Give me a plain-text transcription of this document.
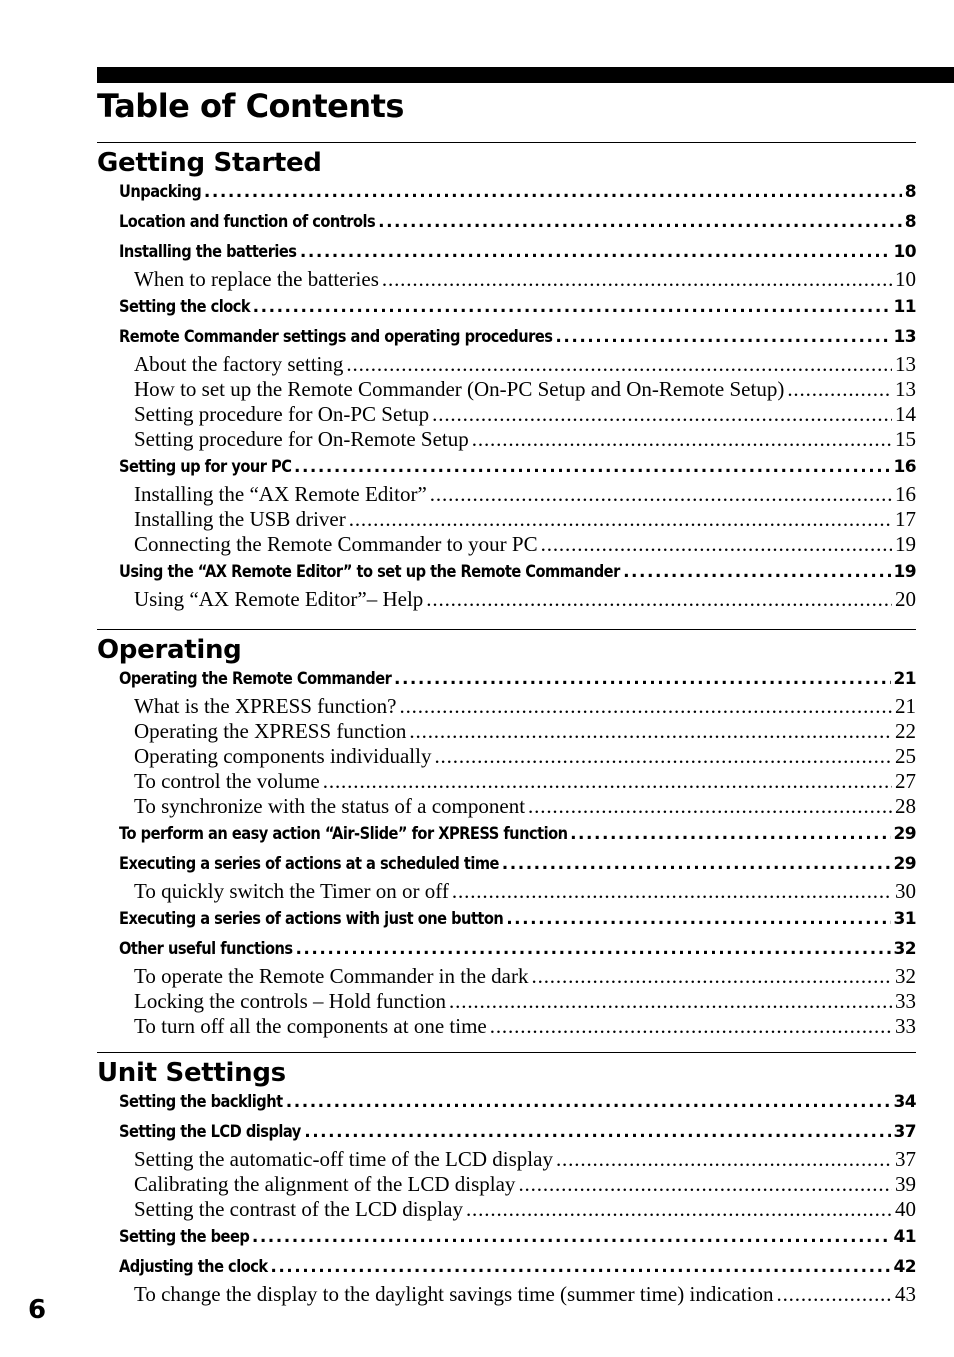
Table of Contents
Getting Started
Unpacking . . .	8
Location and function of controls . . .	8
Installing the batteries . . .	10
When to replace the batteries . . .	10
Setting the clock . . .	11
Remote Commander settings and operating procedures . . .	13
About the factory setting . . .	13
How to set up the Remote Commander (On-PC Setup and On-Remote Setup) . . .	13
Setting procedure for On-PC Setup . . .	14
Setting procedure for On-Remote Setup . . .	15
Setting up for your PC . . .	16
Installing the “AX Remote Editor” . . .	16
Installing the USB driver . . .	17
Connecting the Remote Commander to your PC . . .	19
Using the “AX Remote Editor” to set up the Remote Commander . . .	19
Using “AX Remote Editor”– Help . . .	20
Operating
Operating the Remote Commander . . .	21
What is the XPRESS function? . . .	21
Operating the XPRESS function . . .	22
Operating components individually . . .	25
To control the volume . . .	27
To synchronize with the status of a component . . .	28
To perform an easy action “Air-Slide” for XPRESS function . . .	29
Executing a series of actions at a scheduled time . . .	29
To quickly switch the Timer on or off . . .	30
Executing a series of actions with just one button . . .	31
Other useful functions . . .	32
To operate the Remote Commander in the dark . . .	32
Locking the controls – Hold function . . .	33
To turn off all the components at one time . . .	33
Unit Settings
Setting the backlight . . .	34
Setting the LCD display . . .	37
Setting the automatic-off time of the LCD display . . .	37
Calibrating the alignment of the LCD display . . .	39
Setting the contrast of the LCD display . . .	40
Setting the beep . . .	41
Adjusting the clock . . .	42
To change the display to the daylight savings time (summer time) indication . . .	43
6
